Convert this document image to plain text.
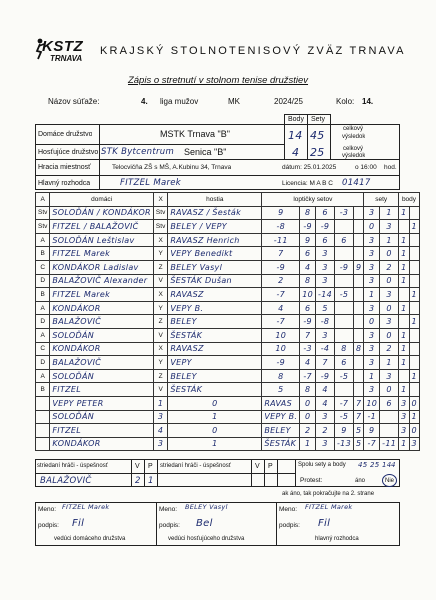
KSTZ
TRNAVA
KRAJSKÝ STOLNOTENISOVÝ ZVÄZ TRNAVA
Zápis o stretnutí v stolnom tenise družstiev
Názov súťaže:	4. liga mužov	MK	2024/25	Kolo: 14.
Body Sety
Domáce družstvo	MSTK Trnava "B"	14 45	celkový
výsledok
Hosťujúce družstvo STK Bytcentrum Senica "B"	4 25	celkový
výsledok
Hracia miestnosť	Telocvičňa ZŠ s MŠ, A.Kubinu 34, Trnava	dátum: 25.01.2025	o 16:00 hod.
Hlavný rozhodca	FITZEL Marek	Licencia: M A B C 01417
A	domáci	X	hostia	loptičky setov					sety		body	
Stv	SOLOĎÁN / KONDÁKOR	Stv	RAVASZ / Šesták	9	8	6	-3		3	1	1	
Stv	FITZEL / BALAŽOVIČ	Stv	BELEY / VEPY	-8	-9	-9			0	3		1
A	SOLOĎÁN Leštislav	X	RAVASZ Henrich	-11	9	6	6		3	1	1	
B	FITZEL Marek	Y	VEPY Benedikt	7	6	3			3	0	1	
C	KONDÁKOR Ladislav	Z	BELEY Vasyl	-9	4	3	-9	9	3	2	1	
D	BALAŽOVIČ Alexander	V	ŠESTÁK Dušan	2	8	3			3	0	1	
B	FITZEL Marek	X	RAVASZ	-7	10	-14	-5		1	3		1
A	KONDÁKOR	Y	VEPY B.	4	6	5			3	0	1	
D	BALAŽOVIČ	Z	BELEY	-7	-9	-8			0	3		1
A	SOLOĎÁN	V	ŠESTÁK	10	7	3			3	0	1	
C	KONDÁKOR	X	RAVASZ	10	-3	-4	8	8	3	2	1	
D	BALAŽOVIČ	Y	VEPY	-9	4	7	6		3	1	1	
A	SOLOĎÁN	Z	BELEY	8	-7	-9	-5		1	3		1
B	FITZEL	V	ŠESTÁK	5	8	4			3	0	1	
	VEPY PETER	1	0	RAVAS	0	4	-7	7	10	6	3	0
	SOLOĎÁN	3	1	VEPY B.	0	3	-5	7	-1		3	1
	FITZEL	4	0	BELEY	2	2	9	5	9		3	0
	KONDÁKOR	3	1	ŠESTÁK	1	3	-13	5	-7	-11	1	3
striedaní hráči - úspešnosť	V P striedaní hráči - úspešnosť	V P
BALAŽOVIČ	2 1
Spolu sety a body 45 25 14 4
Protest:	áno	Nie
ak áno, tak pokračujte na 2. strane
Meno: FITZEL Marek
podpis: Fil
vedúci domáceho družstva
Meno: BELEY Vasyl
podpis: Bel
vedúci hosťujúceho družstva
Meno: FITZEL Marek
podpis: Fil
hlavný rozhodca
